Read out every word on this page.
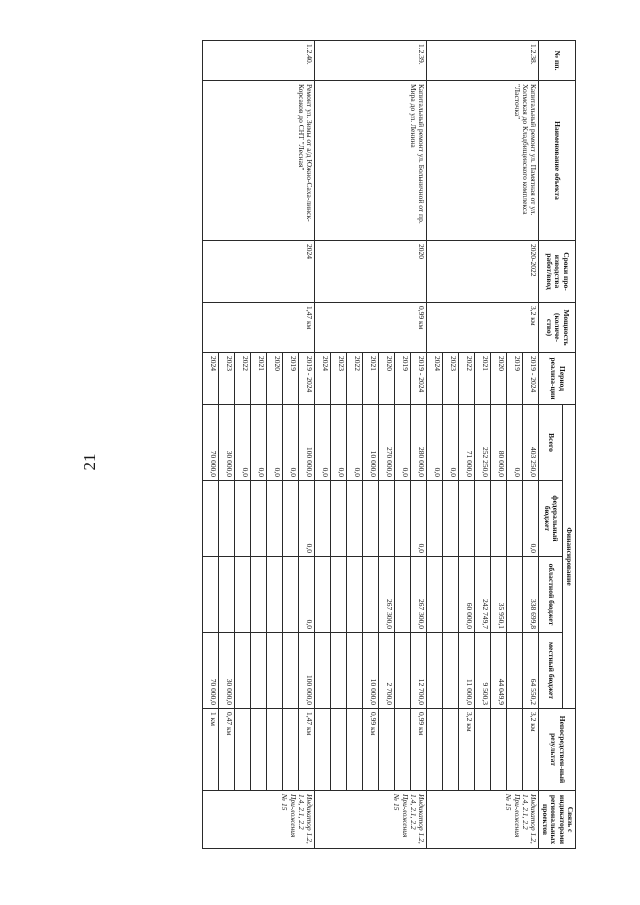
21
№ пп.	Наименование объекта	Сроки про-изводства работ/ввод	Мощность (количе-ство)	Период реализа-ции	Финансирование				Непосредствен-ный результат	Связь с индикаторами региональных проектов
					Всего	федеральный бюджет	областной бюджет	местный бюджет		
1.2.38.	Капитальный ремонт ул. Памятная от ул. Холмская до Кладбищенского комплекса "Ласточка"	2020-2022	3,2 км	2019 - 2024	403 250,0	0,0	338 699,8	64 550,2	3,2 км	Индикатор 1.2, 1.4, 2.1, 2.2 При-ложения № 15
				2019	0,0					
				2020	80 000,0		35 950,1	44 049,9		
				2021	252 250,0		242 749,7	9 500,3		
				2022	71 000,0		60 000,0	11 000,0	3,2 км	
				2023	0,0					
				2024	0,0					
1.2.39.	Капитальный ремонт ул. Больничной от пр. Мира до ул. Ленина	2020	0,99 км	2019 - 2024	280 000,0	0,0	267 300,0	12 700,0	0,99 км	Индикатор 1.2, 1.4, 2.1, 2.2 При-ложения № 15
				2019	0,0					
				2020	270 000,0		267 300,0	2 700,0		
				2021	10 000,0			10 000,0	0,99 км	
				2022	0,0					
				2023	0,0					
				2024	0,0					
1.2.40.	Ремонт ул. Зимы от а/д Южно-Саха-линск-Корсаков до СНТ "Лесная"	2024	1,47 км	2019 - 2024	100 000,0	0,0	0,0	100 000,0	1,47 км	Индикатор 1.2, 1.4, 2.1, 2.2 При-ложения № 15
				2019	0,0					
				2020	0,0					
				2021	0,0					
				2022	0,0					
				2023	30 000,0			30 000,0	0,47 км	
				2024	70 000,0			70 000,0	1 км	
